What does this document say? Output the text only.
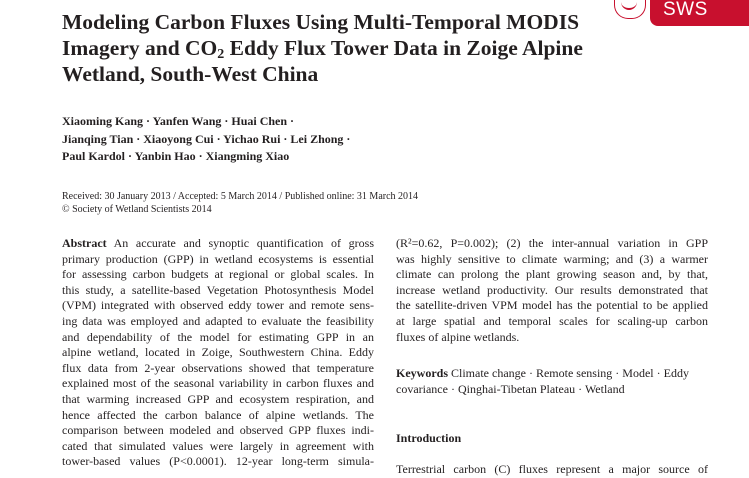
SWS
Modeling Carbon Fluxes Using Multi-Temporal MODIS
Imagery and $CO_2$ Eddy Flux Tower Data in Zoige Alpine
Wetland, South-West China
Xiaoming Kang · Yanfen Wang · Huai Chen ·
Jianqing Tian · Xiaoyong Cui · Yichao Rui · Lei Zhong ·
Paul Kardol · Yanbin Hao · Xiangming Xiao
Received: 30 January 2013 / Accepted: 5 March 2014 / Published online: 31 March 2014
© Society of Wetland Scientists 2014
Abstract An accurate and synoptic quantification of gross
primary production (GPP) in wetland ecosystems is essential
for assessing carbon budgets at regional or global scales. In
this study, a satellite-based Vegetation Photosynthesis Model
(VPM) integrated with observed eddy tower and remote sens-
ing data was employed and adapted to evaluate the feasibility
and dependability of the model for estimating GPP in an
alpine wetland, located in Zoige, Southwestern China. Eddy
flux data from 2-year observations showed that temperature
explained most of the seasonal variability in carbon fluxes and
that warming increased GPP and ecosystem respiration, and
hence affected the carbon balance of alpine wetlands. The
comparison between modeled and observed GPP fluxes indi-
cated that simulated values were largely in agreement with
tower-based values (P<0.0001). 12-year long-term simula-
(R²=0.62, P=0.002); (2) the inter-annual variation in GPP
was highly sensitive to climate warming; and (3) a warmer
climate can prolong the plant growing season and, by that,
increase wetland productivity. Our results demonstrated that
the satellite-driven VPM model has the potential to be applied
at large spatial and temporal scales for scaling-up carbon
fluxes of alpine wetlands.
Keywords Climate change · Remote sensing · Model · Eddy
covariance · Qinghai-Tibetan Plateau · Wetland
Introduction
Terrestrial carbon (C) fluxes represent a major source of
